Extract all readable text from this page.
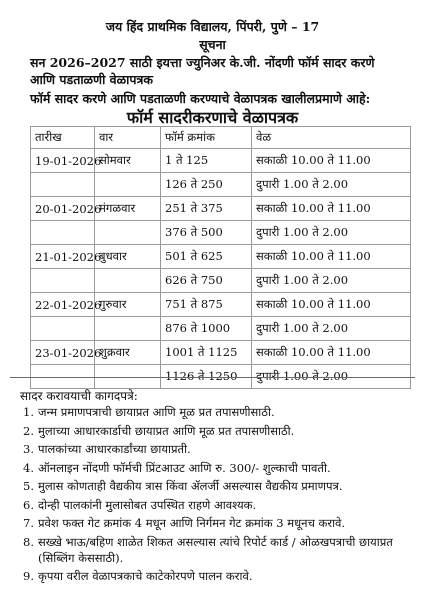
जय हिंद प्राथमिक विद्यालय, पिंपरी, पुणे – 17
सूचना
सन 2026–2027 साठी इयत्ता ज्युनिअर के.जी. नोंदणी फॉर्म सादर करणे
आणि पडताळणी वेळापत्रक
फॉर्म सादर करणे आणि पडताळणी करण्याचे वेळापत्रक खालीलप्रमाणे आहे:
फॉर्म सादरीकरणाचे वेळापत्रक
तारीख	वार	फॉर्म क्रमांक	वेळ
19-01-2026	सोमवार	1 ते 125	सकाळी 10.00 ते 11.00
		126 ते 250	दुपारी 1.00 ते 2.00
20-01-2026	मंगळवार	251 ते 375	सकाळी 10.00 ते 11.00
		376 ते 500	दुपारी 1.00 ते 2.00
21-01-2026	बुधवार	501 ते 625	सकाळी 10.00 ते 11.00
		626 ते 750	दुपारी 1.00 ते 2.00
22-01-2026	गुरुवार	751 ते 875	सकाळी 10.00 ते 11.00
		876 ते 1000	दुपारी 1.00 ते 2.00
23-01-2026	शुक्रवार	1001 ते 1125	सकाळी 10.00 ते 11.00
		1126 ते 1250	दुपारी 1.00 ते 2.00
सादर करावयाची कागदपत्रे:
1. जन्म प्रमाणपत्राची छायाप्रत आणि मूळ प्रत तपासणीसाठी.
2. मुलाच्या आधारकार्डाची छायाप्रत आणि मूळ प्रत तपासणीसाठी.
3. पालकांच्या आधारकार्डांच्या छायाप्रती.
4. ऑनलाइन नोंदणी फॉर्मची प्रिंटआउट आणि रु. 300/- शुल्काची पावती.
5. मुलास कोणताही वैद्यकीय त्रास किंवा ॲलर्जी असल्यास वैद्यकीय प्रमाणपत्र.
6. दोन्ही पालकांनी मुलासोबत उपस्थित राहणे आवश्यक.
7. प्रवेश फक्त गेट क्रमांक 4 मधून आणि निर्गमन गेट क्रमांक 3 मधूनच करावे.
8. सख्खे भाऊ/बहिण शाळेत शिकत असल्यास त्यांचे रिपोर्ट कार्ड / ओळखपत्राची छायाप्रत (सिब्लिंग केससाठी).
9. कृपया वरील वेळापत्रकाचे काटेकोरपणे पालन करावे.
